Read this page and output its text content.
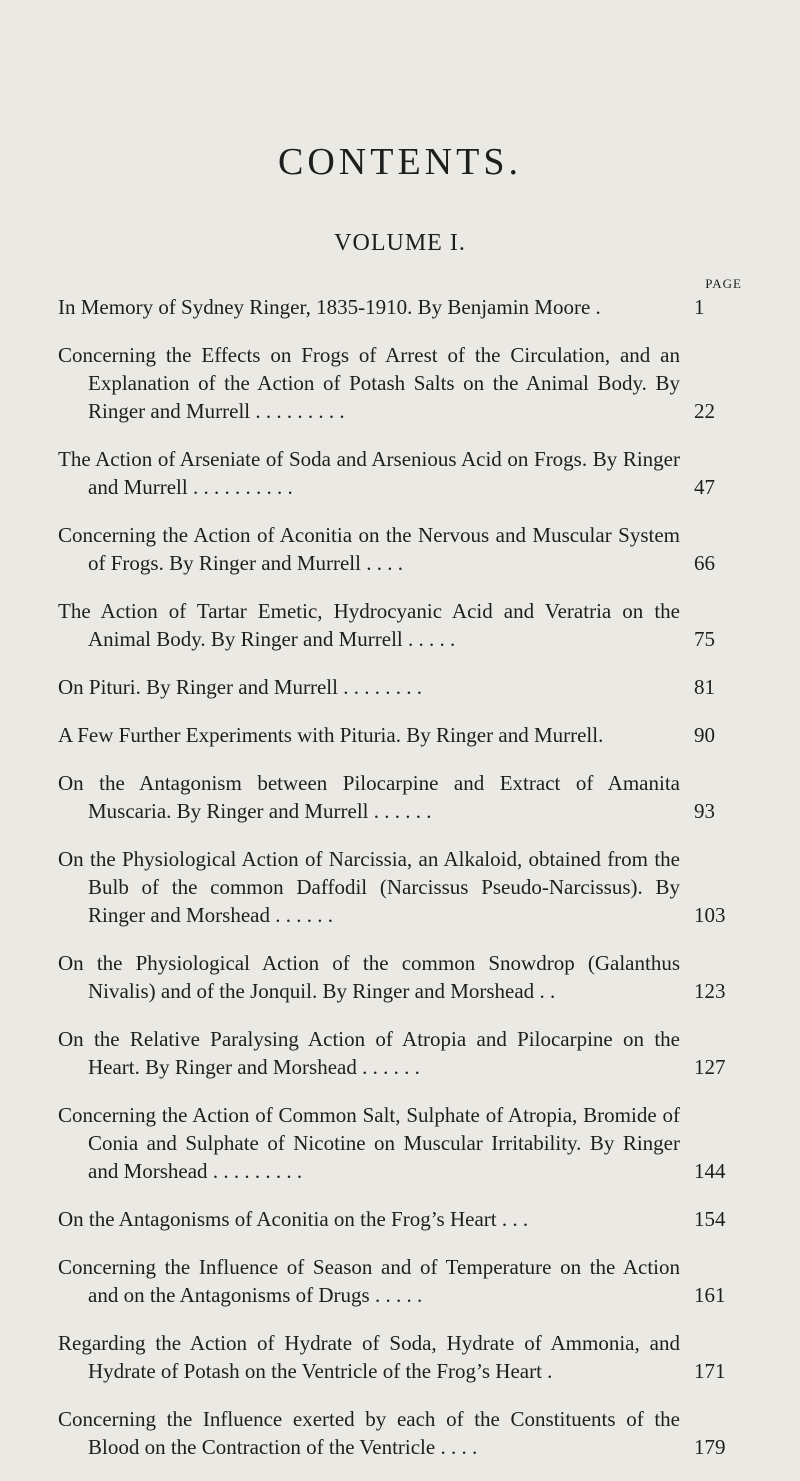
CONTENTS.
VOLUME I.
PAGE
In Memory of Sydney Ringer, 1835-1910. By Benjamin Moore .	1
Concerning the Effects on Frogs of Arrest of the Circulation, and an Explanation of the Action of Potash Salts on the Animal Body. By Ringer and Murrell . . . . . . . . .	22
The Action of Arseniate of Soda and Arsenious Acid on Frogs. By Ringer and Murrell . . . . . . . . . .	47
Concerning the Action of Aconitia on the Nervous and Muscular System of Frogs. By Ringer and Murrell . . . .	66
The Action of Tartar Emetic, Hydrocyanic Acid and Veratria on the Animal Body. By Ringer and Murrell . . . . .	75
On Pituri. By Ringer and Murrell . . . . . . . .	81
A Few Further Experiments with Pituria. By Ringer and Murrell.	90
On the Antagonism between Pilocarpine and Extract of Amanita Muscaria. By Ringer and Murrell . . . . . .	93
On the Physiological Action of Narcissia, an Alkaloid, obtained from the Bulb of the common Daffodil (Narcissus Pseudo-Narcissus). By Ringer and Morshead . . . . . .	103
On the Physiological Action of the common Snowdrop (Galanthus Nivalis) and of the Jonquil. By Ringer and Morshead . .	123
On the Relative Paralysing Action of Atropia and Pilocarpine on the Heart. By Ringer and Morshead . . . . . .	127
Concerning the Action of Common Salt, Sulphate of Atropia, Bromide of Conia and Sulphate of Nicotine on Muscular Irritability. By Ringer and Morshead . . . . . . . . .	144
On the Antagonisms of Aconitia on the Frog’s Heart . . .	154
Concerning the Influence of Season and of Temperature on the Action and on the Antagonisms of Drugs . . . . .	161
Regarding the Action of Hydrate of Soda, Hydrate of Ammonia, and Hydrate of Potash on the Ventricle of the Frog’s Heart .	171
Concerning the Influence exerted by each of the Constituents of the Blood on the Contraction of the Ventricle . . . .	179
